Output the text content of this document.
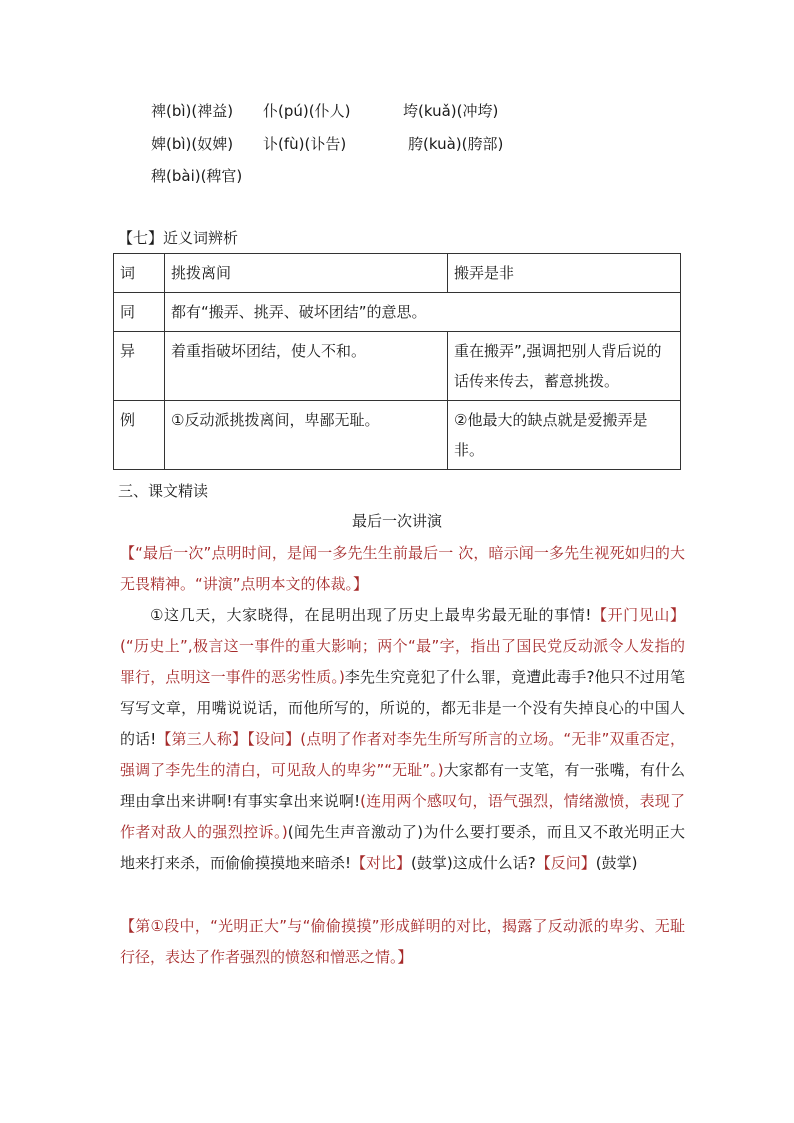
禆(bì)(禆益) 仆(pú)(仆人)	垮(kuǎ)(冲垮)
婢(bì)(奴婢) 讣(fù)(讣告)	胯(kuà)(胯部)
稗(bài)(稗官)
【七】近义词辨析
词	挑拨离间	搬弄是非
同	都有“搬弄、挑弄、破坏团结”的意思。	
异	着重指破坏团结，使人不和。	重在搬弄”,强调把别人背后说的话传来传去，蓄意挑拨。
例	①反动派挑拨离间，卑鄙无耻。	②他最大的缺点就是爱搬弄是非。
三、课文精读
最后一次讲演
【“最后一次”点明时间，是闻一多先生生前最后一 次，暗示闻一多先生视死如归的大无畏精神。“讲演”点明本文的体裁。】
①这几天，大家晓得，在昆明出现了历史上最卑劣最无耻的事情!【开门见山】(“历史上”,极言这一事件的重大影响；两个“最”字，指出了国民党反动派令人发指的罪行，点明这一事件的恶劣性质。)李先生究竟犯了什么罪，竟遭此毒手?他只不过用笔写写文章，用嘴说说话，而他所写的，所说的，都无非是一个没有失掉良心的中国人的话!【第三人称】【设问】(点明了作者对李先生所写所言的立场。“无非”双重否定，强调了李先生的清白，可见敌人的卑劣”“无耻”。)大家都有一支笔，有一张嘴，有什么理由拿出来讲啊!有事实拿出来说啊!(连用两个感叹句，语气强烈，情绪激愤，表现了作者对敌人的强烈控诉。)(闻先生声音激动了)为什么要打要杀，而且又不敢光明正大地来打来杀，而偷偷摸摸地来暗杀!【对比】(鼓掌)这成什么话?【反问】(鼓掌)
【第①段中，“光明正大”与“偷偷摸摸”形成鲜明的对比，揭露了反动派的卑劣、无耻行径，表达了作者强烈的愤怒和憎恶之情。】
